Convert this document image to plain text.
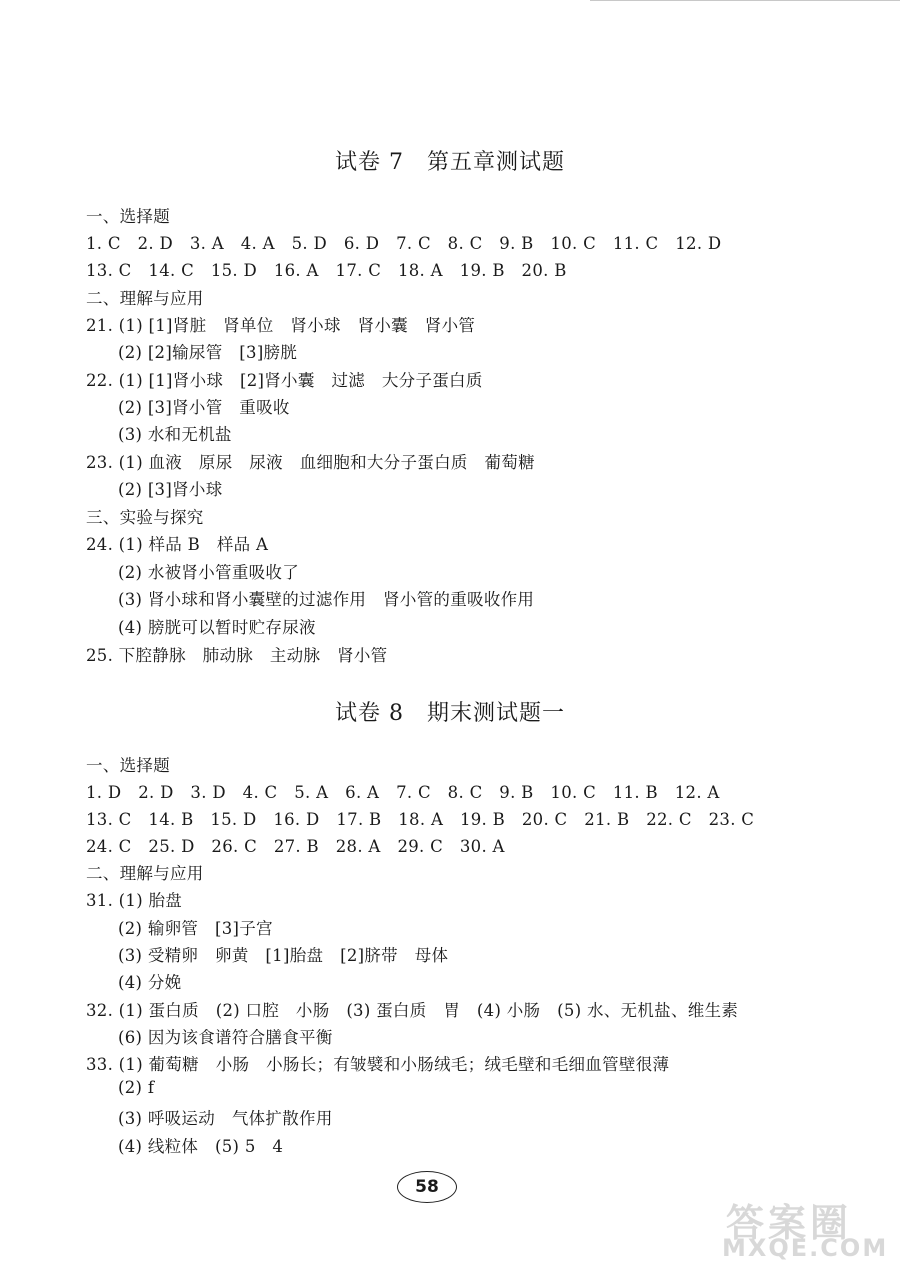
试卷 7　第五章测试题
一、选择题
1. C　2. D　3. A　4. A　5. D　6. D　7. C　8. C　9. B　10. C　11. C　12. D
13. C　14. C　15. D　16. A　17. C　18. A　19. B　20. B
二、理解与应用
21. (1) [1]肾脏　肾单位　肾小球　肾小囊　肾小管
(2) [2]输尿管　[3]膀胱
22. (1) [1]肾小球　[2]肾小囊　过滤　大分子蛋白质
(2) [3]肾小管　重吸收
(3) 水和无机盐
23. (1) 血液　原尿　尿液　血细胞和大分子蛋白质　葡萄糖
(2) [3]肾小球
三、实验与探究
24. (1) 样品 B　样品 A
(2) 水被肾小管重吸收了
(3) 肾小球和肾小囊壁的过滤作用　肾小管的重吸收作用
(4) 膀胱可以暂时贮存尿液
25. 下腔静脉　肺动脉　主动脉　肾小管
试卷 8　期末测试题一
一、选择题
1. D　2. D　3. D　4. C　5. A　6. A　7. C　8. C　9. B　10. C　11. B　12. A
13. C　14. B　15. D　16. D　17. B　18. A　19. B　20. C　21. B　22. C　23. C
24. C　25. D　26. C　27. B　28. A　29. C　30. A
二、理解与应用
31. (1) 胎盘
(2) 输卵管　[3]子宫
(3) 受精卵　卵黄　[1]胎盘　[2]脐带　母体
(4) 分娩
32. (1) 蛋白质　(2) 口腔　小肠　(3) 蛋白质　胃　(4) 小肠　(5) 水、无机盐、维生素
(6) 因为该食谱符合膳食平衡
33. (1) 葡萄糖　小肠　小肠长；有皱襞和小肠绒毛；绒毛壁和毛细血管壁很薄
(2) f
(3) 呼吸运动　气体扩散作用
(4) 线粒体　(5) 5　4
58
答案圈
MXQE.COM
